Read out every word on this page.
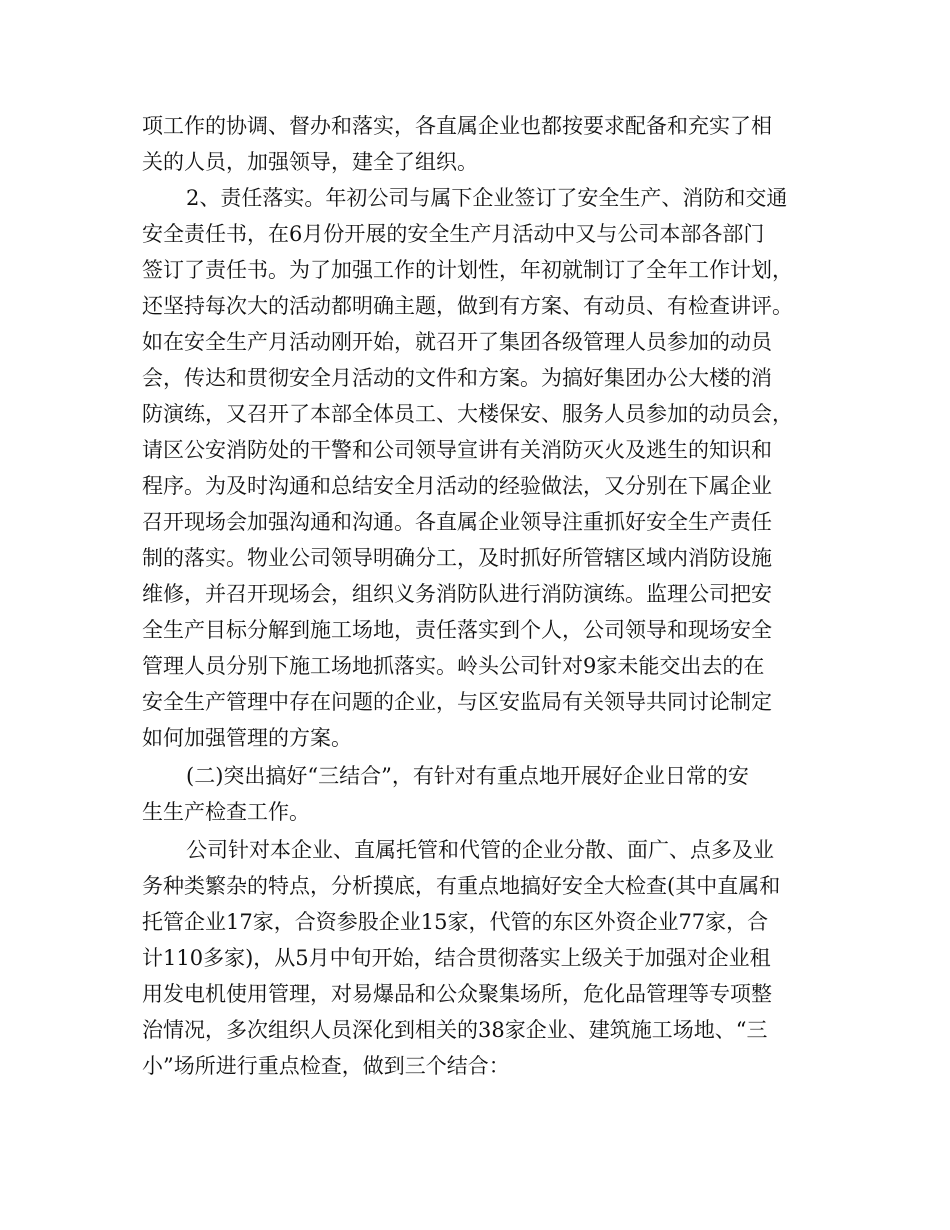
项工作的协调、督办和落实，各直属企业也都按要求配备和充实了相
关的人员，加强领导，建全了组织。
2、责任落实。年初公司与属下企业签订了安全生产、消防和交通
安全责任书，在6月份开展的安全生产月活动中又与公司本部各部门
签订了责任书。为了加强工作的计划性，年初就制订了全年工作计划，
还坚持每次大的活动都明确主题，做到有方案、有动员、有检查讲评。
如在安全生产月活动刚开始，就召开了集团各级管理人员参加的动员
会，传达和贯彻安全月活动的文件和方案。为搞好集团办公大楼的消
防演练，又召开了本部全体员工、大楼保安、服务人员参加的动员会，
请区公安消防处的干警和公司领导宣讲有关消防灭火及逃生的知识和
程序。为及时沟通和总结安全月活动的经验做法，又分别在下属企业
召开现场会加强沟通和沟通。各直属企业领导注重抓好安全生产责任
制的落实。物业公司领导明确分工，及时抓好所管辖区域内消防设施
维修，并召开现场会，组织义务消防队进行消防演练。监理公司把安
全生产目标分解到施工场地，责任落实到个人，公司领导和现场安全
管理人员分别下施工场地抓落实。岭头公司针对9家未能交出去的在
安全生产管理中存在问题的企业，与区安监局有关领导共同讨论制定
如何加强管理的方案。
(二)突出搞好“三结合”，有针对有重点地开展好企业日常的安
生生产检查工作。
公司针对本企业、直属托管和代管的企业分散、面广、点多及业
务种类繁杂的特点，分析摸底，有重点地搞好安全大检查(其中直属和
托管企业17家，合资参股企业15家，代管的东区外资企业77家，合
计110多家)，从5月中旬开始，结合贯彻落实上级关于加强对企业租
用发电机使用管理，对易爆品和公众聚集场所，危化品管理等专项整
治情况，多次组织人员深化到相关的38家企业、建筑施工场地、“三
小”场所进行重点检查，做到三个结合：
